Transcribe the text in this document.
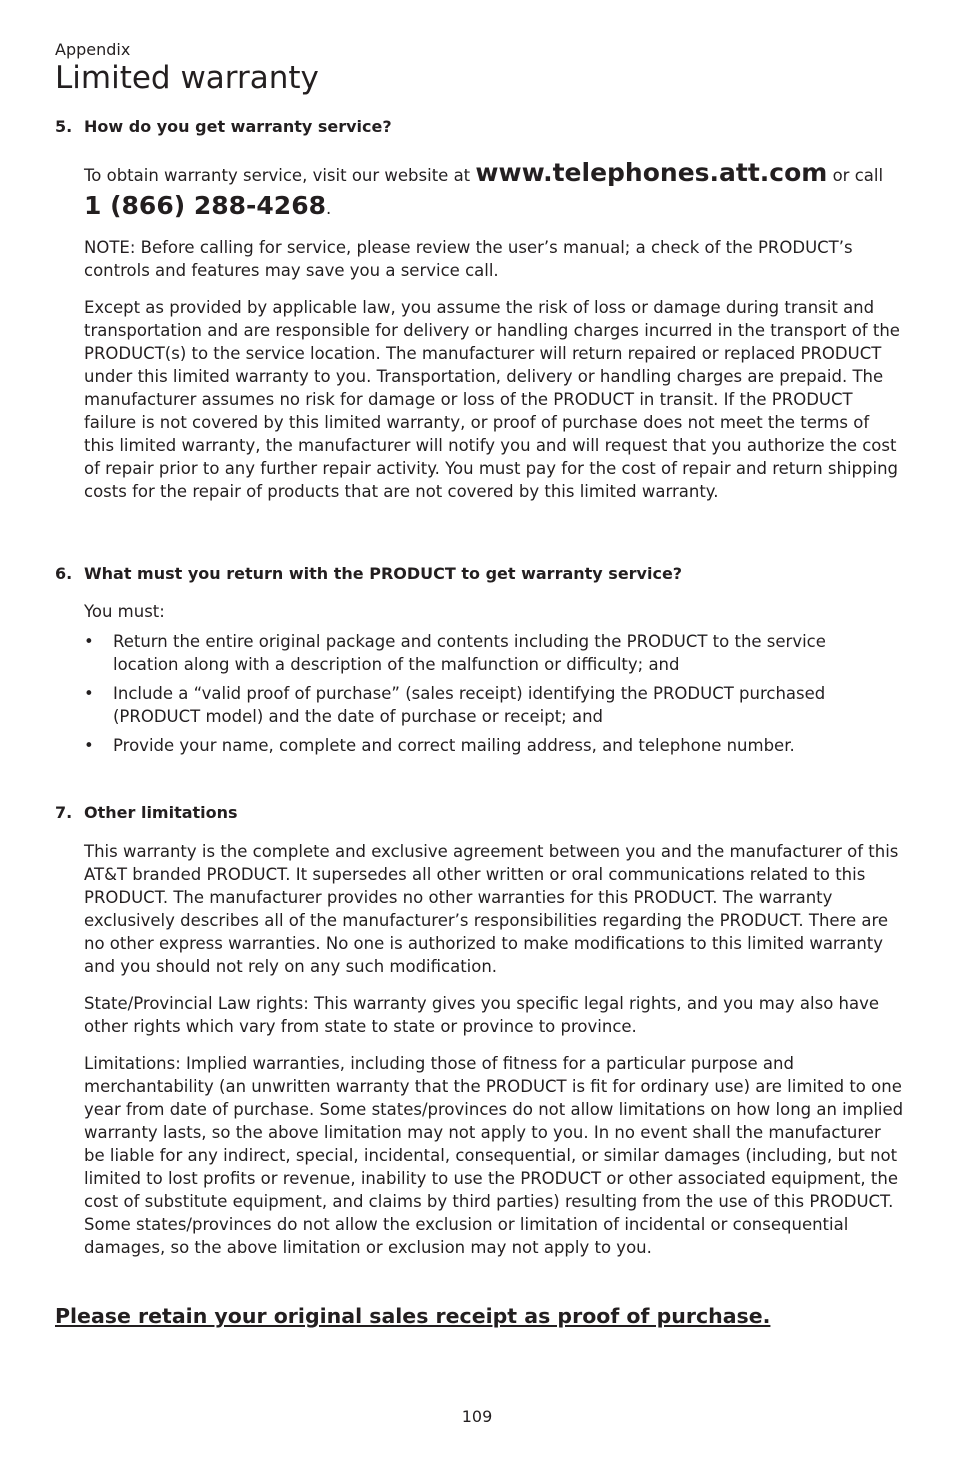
Appendix
Limited warranty
5. How do you get warranty service?

To obtain warranty service, visit our website at www.telephones.att.com or call
1 (866) 288-4268.

NOTE: Before calling for service, please review the user’s manual; a check of the PRODUCT’s controls and features may save you a service call.

Except as provided by applicable law, you assume the risk of loss or damage during transit and transportation and are responsible for delivery or handling charges incurred in the transport of the PRODUCT(s) to the service location. The manufacturer will return repaired or replaced PRODUCT under this limited warranty to you. Transportation, delivery or handling charges are prepaid. The manufacturer assumes no risk for damage or loss of the PRODUCT in transit. If the PRODUCT failure is not covered by this limited warranty, or proof of purchase does not meet the terms of this limited warranty, the manufacturer will notify you and will request that you authorize the cost of repair prior to any further repair activity. You must pay for the cost of repair and return shipping costs for the repair of products that are not covered by this limited warranty.

6. What must you return with the PRODUCT to get warranty service?

You must:

• Return the entire original package and contents including the PRODUCT to the service location along with a description of the malfunction or difficulty; and
• Include a “valid proof of purchase” (sales receipt) identifying the PRODUCT purchased (PRODUCT model) and the date of purchase or receipt; and
• Provide your name, complete and correct mailing address, and telephone number.
7. Other limitations

This warranty is the complete and exclusive agreement between you and the manufacturer of this AT&T branded PRODUCT. It supersedes all other written or oral communications related to this PRODUCT. The manufacturer provides no other warranties for this PRODUCT. The warranty exclusively describes all of the manufacturer’s responsibilities regarding the PRODUCT. There are no other express warranties. No one is authorized to make modifications to this limited warranty and you should not rely on any such modification.

State/Provincial Law rights: This warranty gives you specific legal rights, and you may also have other rights which vary from state to state or province to province.

Limitations: Implied warranties, including those of fitness for a particular purpose and merchantability (an unwritten warranty that the PRODUCT is fit for ordinary use) are limited to one year from date of purchase. Some states/provinces do not allow limitations on how long an implied warranty lasts, so the above limitation may not apply to you. In no event shall the manufacturer be liable for any indirect, special, incidental, consequential, or similar damages (including, but not limited to lost profits or revenue, inability to use the PRODUCT or other associated equipment, the cost of substitute equipment, and claims by third parties) resulting from the use of this PRODUCT. Some states/provinces do not allow the exclusion or limitation of incidental or consequential damages, so the above limitation or exclusion may not apply to you.

Please retain your original sales receipt as proof of purchase.

109
